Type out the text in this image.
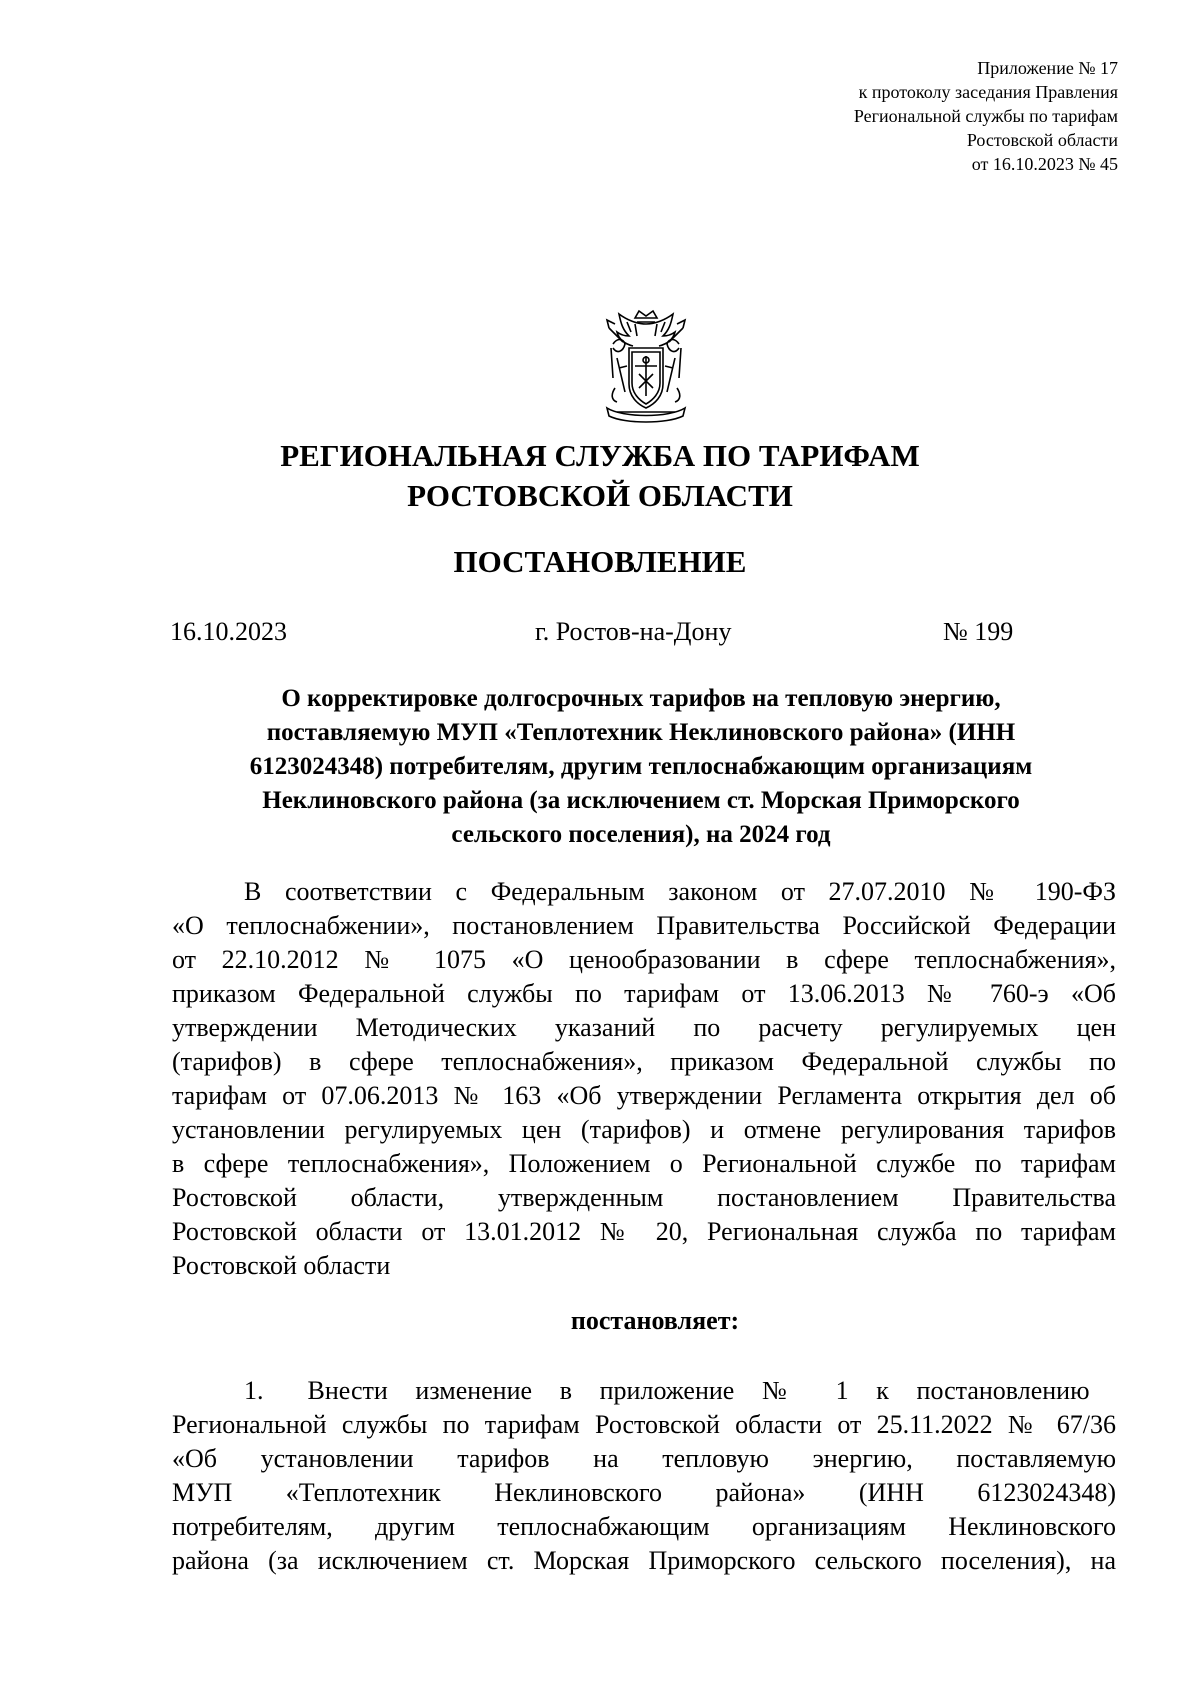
Приложение № 17
к протоколу заседания Правления
Региональной службы по тарифам
Ростовской области
от 16.10.2023 № 45
РЕГИОНАЛЬНАЯ СЛУЖБА ПО ТАРИФАМ
РОСТОВСКОЙ ОБЛАСТИ
ПОСТАНОВЛЕНИЕ
16.10.2023	г. Ростов-на-Дону	№ 199
О корректировке долгосрочных тарифов на тепловую энергию,
поставляемую МУП «Теплотехник Неклиновского района» (ИНН
6123024348) потребителям, другим теплоснабжающим организациям
Неклиновского района (за исключением ст. Морская Приморского
сельского поселения), на 2024 год
В соответствии с Федеральным законом от 27.07.2010 № 190-ФЗ
«О теплоснабжении», постановлением Правительства Российской Федерации
от 22.10.2012 № 1075 «О ценообразовании в сфере теплоснабжения»,
приказом Федеральной службы по тарифам от 13.06.2013 № 760-э «Об
утверждении Методических указаний по расчету регулируемых цен
(тарифов) в сфере теплоснабжения», приказом Федеральной службы по
тарифам от 07.06.2013 № 163 «Об утверждении Регламента открытия дел об
установлении регулируемых цен (тарифов) и отмене регулирования тарифов
в сфере теплоснабжения», Положением о Региональной службе по тарифам
Ростовской области, утвержденным постановлением Правительства
Ростовской области от 13.01.2012 № 20, Региональная служба по тарифам
Ростовской области
постановляет:
1. Внести изменение в приложение № 1 к постановлению
Региональной службы по тарифам Ростовской области от 25.11.2022 № 67/36
«Об установлении тарифов на тепловую энергию, поставляемую
МУП «Теплотехник Неклиновского района» (ИНН 6123024348)
потребителям, другим теплоснабжающим организациям Неклиновского
района (за исключением ст. Морская Приморского сельского поселения), на
